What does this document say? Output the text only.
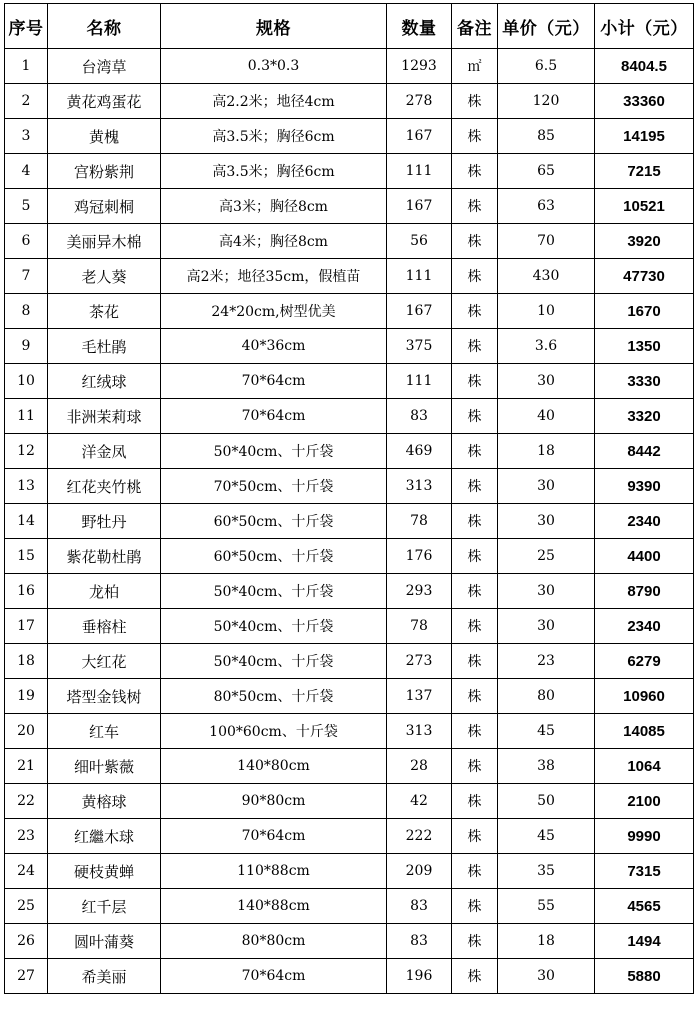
序号	名称	规格	数量	备注	单价（元）	小计（元）
1	台湾草	0.3*0.3	1293	㎡	6.5	8404.5
2	黄花鸡蛋花	高2.2米；地径4cm	278	株	120	33360
3	黄槐	高3.5米；胸径6cm	167	株	85	14195
4	宫粉紫荆	高3.5米；胸径6cm	111	株	65	7215
5	鸡冠刺桐	高3米；胸径8cm	167	株	63	10521
6	美丽异木棉	高4米；胸径8cm	56	株	70	3920
7	老人葵	高2米；地径35cm，假植苗	111	株	430	47730
8	茶花	24*20cm,树型优美	167	株	10	1670
9	毛杜鹃	40*36cm	375	株	3.6	1350
10	红绒球	70*64cm	111	株	30	3330
11	非洲茉莉球	70*64cm	83	株	40	3320
12	洋金凤	50*40cm、十斤袋	469	株	18	8442
13	红花夹竹桃	70*50cm、十斤袋	313	株	30	9390
14	野牡丹	60*50cm、十斤袋	78	株	30	2340
15	紫花勒杜鹃	60*50cm、十斤袋	176	株	25	4400
16	龙柏	50*40cm、十斤袋	293	株	30	8790
17	垂榕柱	50*40cm、十斤袋	78	株	30	2340
18	大红花	50*40cm、十斤袋	273	株	23	6279
19	塔型金钱树	80*50cm、十斤袋	137	株	80	10960
20	红车	100*60cm、十斤袋	313	株	45	14085
21	细叶紫薇	140*80cm	28	株	38	1064
22	黄榕球	90*80cm	42	株	50	2100
23	红繼木球	70*64cm	222	株	45	9990
24	硬枝黄蝉	110*88cm	209	株	35	7315
25	红千层	140*88cm	83	株	55	4565
26	圆叶蒲葵	80*80cm	83	株	18	1494
27	希美丽	70*64cm	196	株	30	5880
